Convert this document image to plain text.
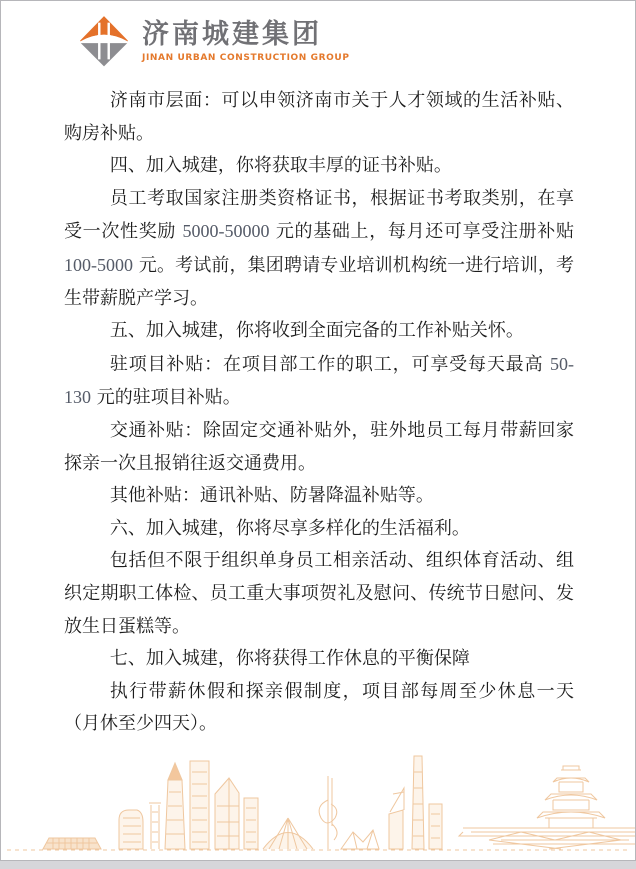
济南城建集团
JINAN URBAN CONSTRUCTION GROUP

济南市层面：可以申领济南市关于人才领域的生活补贴、购房补贴。

四、加入城建，你将获取丰厚的证书补贴。

员工考取国家注册类资格证书，根据证书考取类别，在享受一次性奖励 5000-50000 元的基础上，每月还可享受注册补贴 100-5000 元。考试前，集团聘请专业培训机构统一进行培训，考生带薪脱产学习。

五、加入城建，你将收到全面完备的工作补贴关怀。

驻项目补贴：在项目部工作的职工，可享受每天最高 50-130 元的驻项目补贴。

交通补贴：除固定交通补贴外，驻外地员工每月带薪回家探亲一次且报销往返交通费用。

其他补贴：通讯补贴、防暑降温补贴等。

六、加入城建，你将尽享多样化的生活福利。

包括但不限于组织单身员工相亲活动、组织体育活动、组织定期职工体检、员工重大事项贺礼及慰问、传统节日慰问、发放生日蛋糕等。

七、加入城建，你将获得工作休息的平衡保障

执行带薪休假和探亲假制度，项目部每周至少休息一天（月休至少四天）。
